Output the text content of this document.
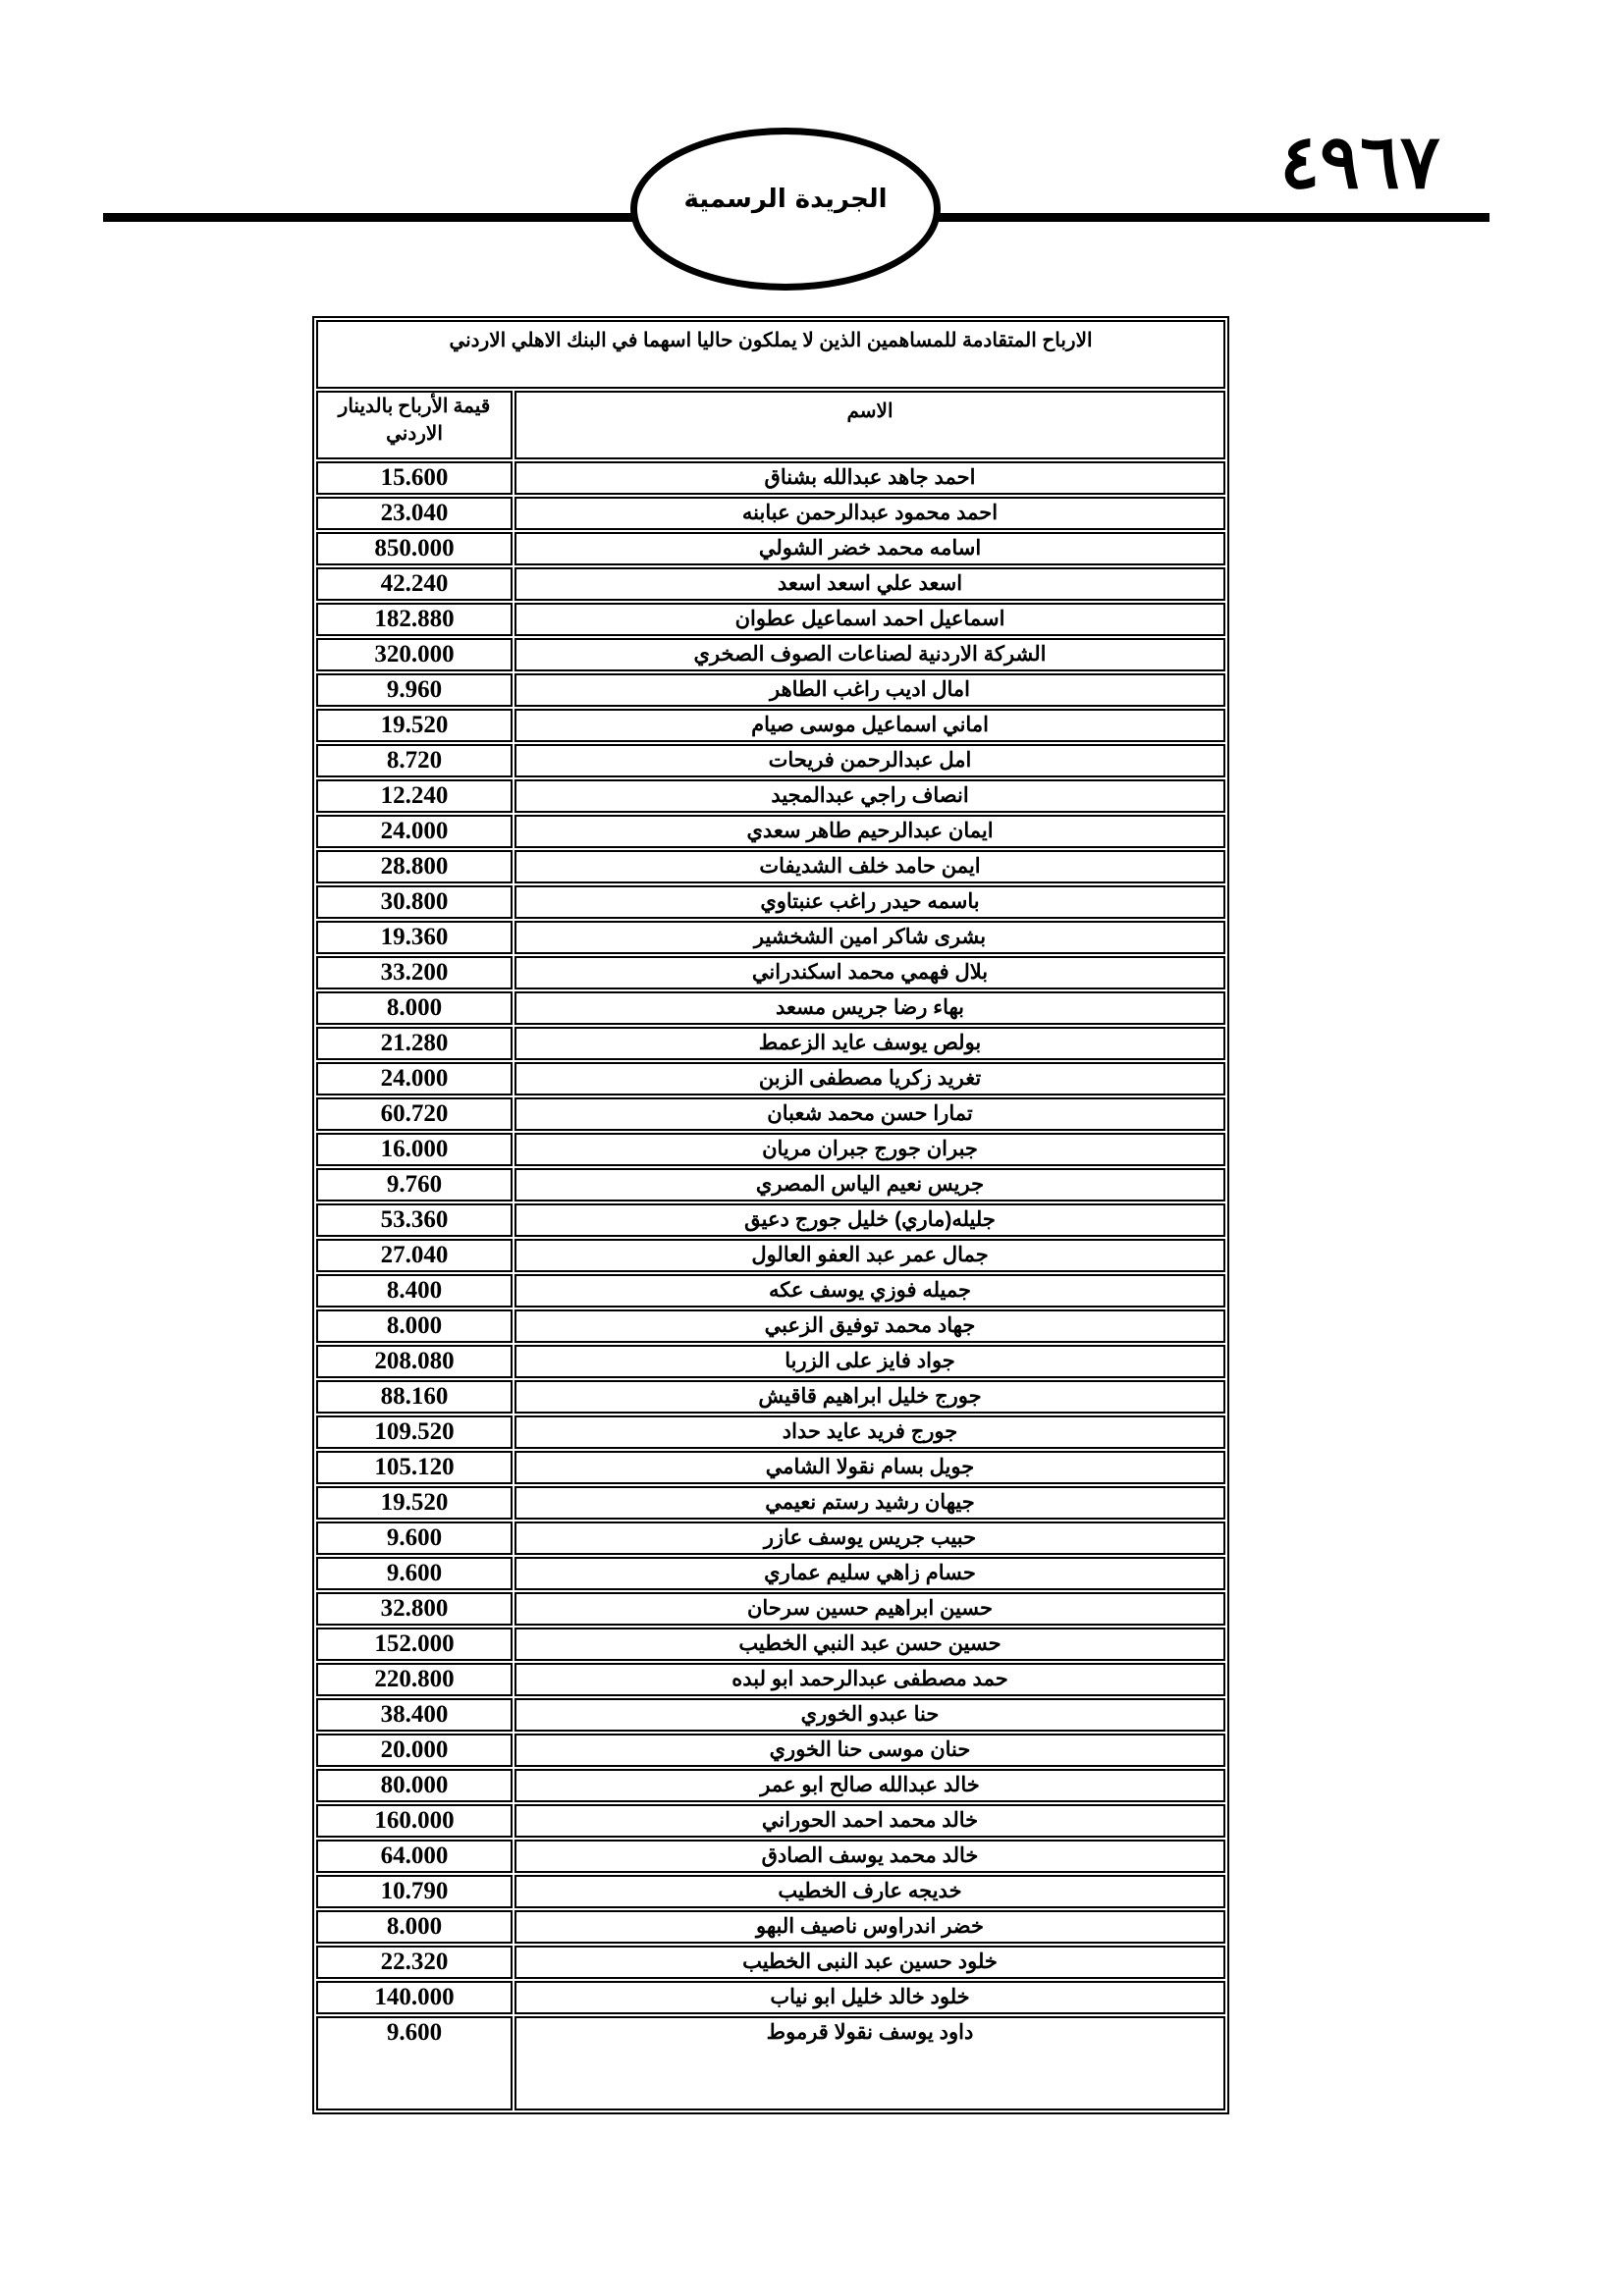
٤٩٦٧
الجريدة الرسمية
الارباح المتقادمة للمساهمين الذين لا يملكون حاليا اسهما في البنك الاهلي الاردني	
قيمة الأرباح بالدينار الاردني	الاسم
15.600	احمد جاهد عبدالله بشناق
23.040	احمد محمود عبدالرحمن عبابنه
850.000	اسامه محمد خضر الشولي
42.240	اسعد علي اسعد اسعد
182.880	اسماعيل احمد اسماعيل عطوان
320.000	الشركة الاردنية لصناعات الصوف الصخري
9.960	امال اديب راغب الطاهر
19.520	اماني اسماعيل موسى صيام
8.720	امل عبدالرحمن فريحات
12.240	انصاف راجي عبدالمجيد
24.000	ايمان عبدالرحيم طاهر سعدي
28.800	ايمن حامد خلف الشديفات
30.800	باسمه حيدر راغب عنبتاوي
19.360	بشرى شاكر امين الشخشير
33.200	بلال فهمي محمد اسكندراني
8.000	بهاء رضا جريس مسعد
21.280	بولص يوسف عايد الزعمط
24.000	تغريد زكريا مصطفى الزبن
60.720	تمارا حسن محمد شعبان
16.000	جبران جورج جبران مريان
9.760	جريس نعيم الياس المصري
53.360	جليله(ماري) خليل جورج دعيق
27.040	جمال عمر عبد العفو العالول
8.400	جميله فوزي يوسف عكه
8.000	جهاد محمد توفيق الزعبي
208.080	جواد فايز على الزربا
88.160	جورج خليل ابراهيم قاقيش
109.520	جورج فريد عايد حداد
105.120	جويل بسام نقولا الشامي
19.520	جيهان رشيد رستم نعيمي
9.600	حبيب جريس يوسف عازر
9.600	حسام زاهي سليم عماري
32.800	حسين ابراهيم حسين سرحان
152.000	حسين حسن عبد النبي الخطيب
220.800	حمد مصطفى عبدالرحمد ابو لبده
38.400	حنا عبدو الخوري
20.000	حنان موسى حنا الخوري
80.000	خالد عبدالله صالح ابو عمر
160.000	خالد محمد احمد الحوراني
64.000	خالد محمد يوسف الصادق
10.790	خديجه عارف الخطيب
8.000	خضر اندراوس ناصيف البهو
22.320	خلود حسين عبد النبى الخطيب
140.000	خلود خالد خليل ابو نياب
9.600	داود يوسف نقولا قرموط
